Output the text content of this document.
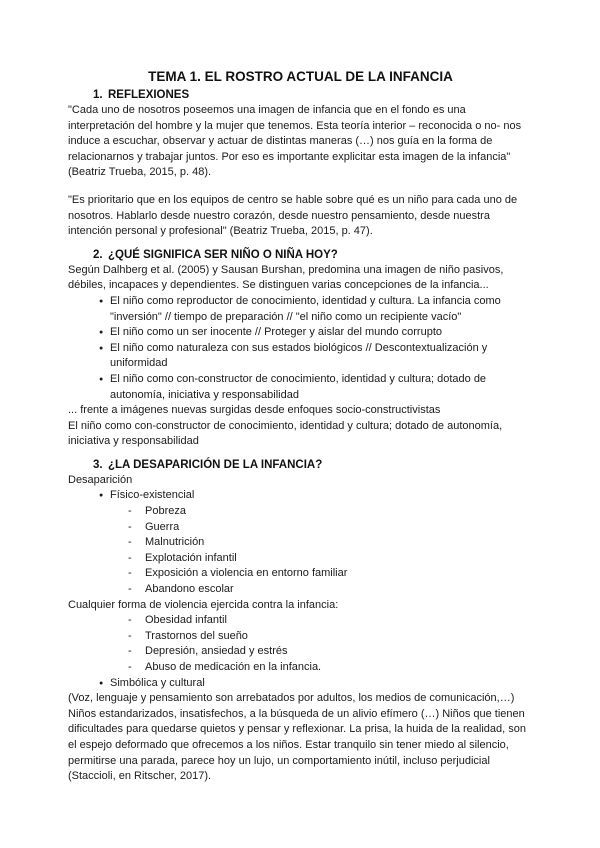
TEMA 1. EL ROSTRO ACTUAL DE LA INFANCIA
1. REFLEXIONES

"Cada uno de nosotros poseemos una imagen de infancia que en el fondo es una interpretación del hombre y la mujer que tenemos. Esta teoría interior – reconocida o no- nos induce a escuchar, observar y actuar de distintas maneras (…) nos guía en la forma de relacionarnos y trabajar juntos. Por eso es importante explicitar esta imagen de la infancia" (Beatriz Trueba, 2015, p. 48).

"Es prioritario que en los equipos de centro se hable sobre qué es un niño para cada uno de nosotros. Hablarlo desde nuestro corazón, desde nuestro pensamiento, desde nuestra intención personal y profesional" (Beatriz Trueba, 2015, p. 47).

2. ¿QUÉ SIGNIFICA SER NIÑO O NIÑA HOY?

Según Dalhberg et al. (2005) y Sausan Burshan, predomina una imagen de niño pasivos, débiles, incapaces y dependientes. Se distinguen varias concepciones de la infancia...

● El niño como reproductor de conocimiento, identidad y cultura. La infancia como "inversión" // tiempo de preparación // "el niño como un recipiente vacío"
● El niño como un ser inocente // Proteger y aislar del mundo corrupto
● El niño como naturaleza con sus estados biológicos // Descontextualización y uniformidad
● El niño como con-constructor de conocimiento, identidad y cultura; dotado de autonomía, iniciativa y responsabilidad

... frente a imágenes nuevas surgidas desde enfoques socio-constructivistas

El niño como con-constructor de conocimiento, identidad y cultura; dotado de autonomía, iniciativa y responsabilidad

3. ¿LA DESAPARICIÓN DE LA INFANCIA?

Desaparición

● Físico-existencial
- Pobreza
- Guerra
- Malnutrición
- Explotación infantil
- Exposición a violencia en entorno familiar
- Abandono escolar

Cualquier forma de violencia ejercida contra la infancia:

- Obesidad infantil
- Trastornos del sueño
- Depresión, ansiedad y estrés
- Abuso de medicación en la infancia.
● Simbólica y cultural

(Voz, lenguaje y pensamiento son arrebatados por adultos, los medios de comunicación,…) Niños estandarizados, insatisfechos, a la búsqueda de un alivio efímero (…) Niños que tienen dificultades para quedarse quietos y pensar y reflexionar. La prisa, la huida de la realidad, son el espejo deformado que ofrecemos a los niños. Estar tranquilo sin tener miedo al silencio, permitirse una parada, parece hoy un lujo, un comportamiento inútil, incluso perjudicial (Staccioli, en Ritscher, 2017).
